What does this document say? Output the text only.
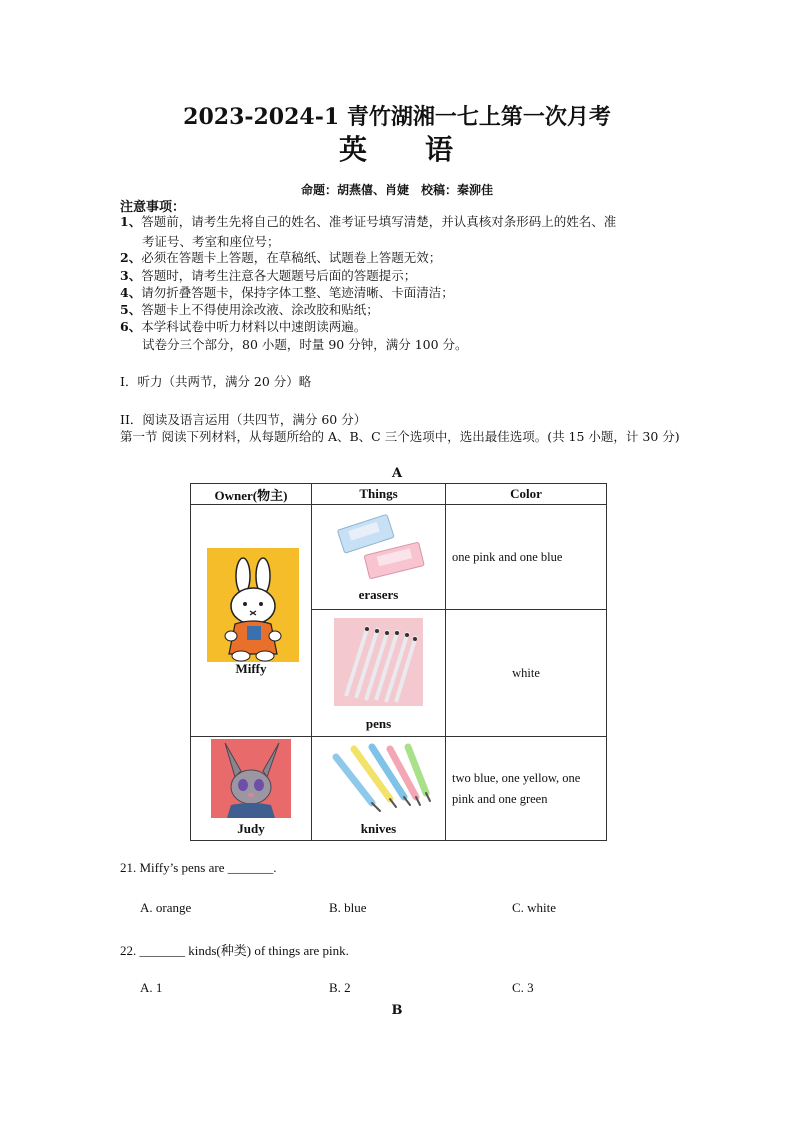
2023-2024-1 青竹湖湘一七上第一次月考
英 语
命题：胡燕僖、肖婕　校稿：秦泖佳
注意事项：
1、答题前，请考生先将自己的姓名、准考证号填写清楚，并认真核对条形码上的姓名、准
考证号、考室和座位号；
2、必须在答题卡上答题，在草稿纸、试题卷上答题无效；
3、答题时，请考生注意各大题题号后面的答题提示；
4、请勿折叠答题卡，保持字体工整、笔迹清晰、卡面清洁；
5、答题卡上不得使用涂改液、涂改胶和贴纸；
6、本学科试卷中听力材料以中速朗读两遍。
试卷分三个部分，80 小题，时量 90 分钟，满分 100 分。
I．听力（共两节，满分 20 分）略
II．阅读及语言运用（共四节，满分 60 分）
第一节 阅读下列材料，从每题所给的 A、B、C 三个选项中，选出最佳选项。(共 15 小题，计 30 分)
A
Owner(物主)	Things	Color

Miffy	erasers	one pink and one blue

	pens	white

Judy	knives	two blue, one yellow, one pink and one green
21. Miffy’s pens are _______.
A. orange	B. blue	C. white
22. _______ kinds(种类) of things are pink.
A. 1	B. 2	C. 3
B
